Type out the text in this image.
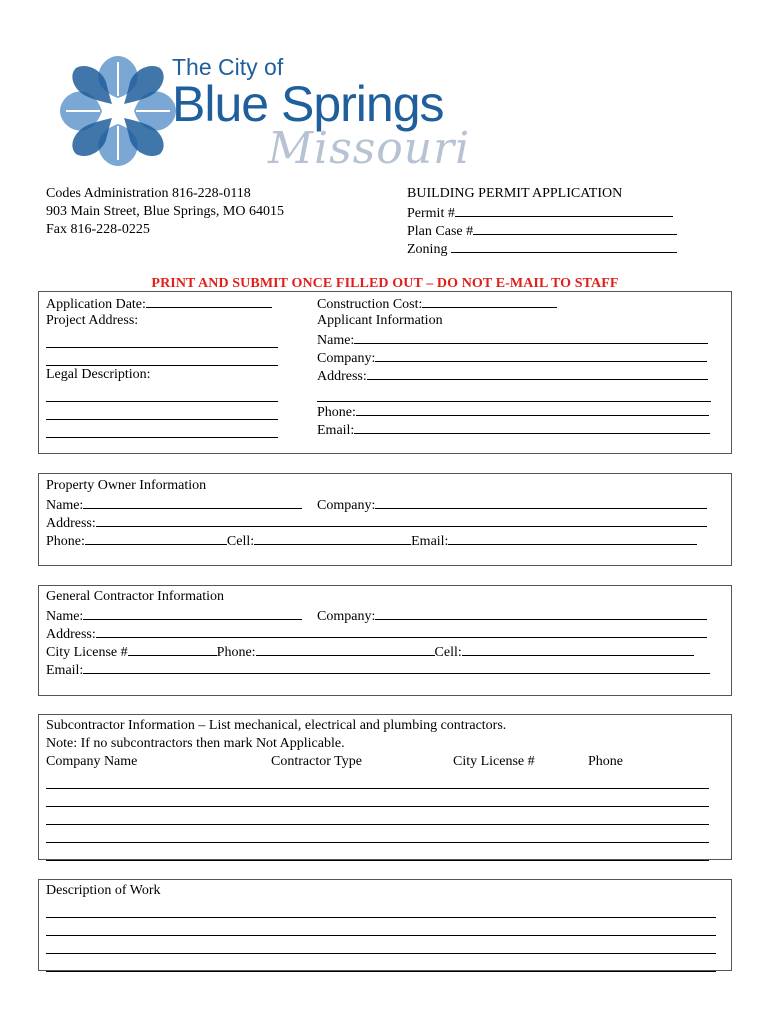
The City of
Blue Springs
Missouri
Codes Administration 816-228-0118
903 Main Street, Blue Springs, MO 64015
Fax 816-228-0225
BUILDING PERMIT APPLICATION
Permit #
Plan Case #
Zoning
PRINT AND SUBMIT ONCE FILLED OUT – DO NOT E-MAIL TO STAFF
Application Date:
Project Address:
Legal Description:
Construction Cost:
Applicant Information
Name:
Company:
Address:
Phone:
Email:
Property Owner Information
Name:	Company:
Address:
Phone:	Cell:	Email:
General Contractor Information
Name:	Company:
Address:
City License #	Phone:	Cell:
Email:
Subcontractor Information – List mechanical, electrical and plumbing contractors.
Note: If no subcontractors then mark Not Applicable.
Company Name	Contractor Type	City License #	Phone
Description of Work
